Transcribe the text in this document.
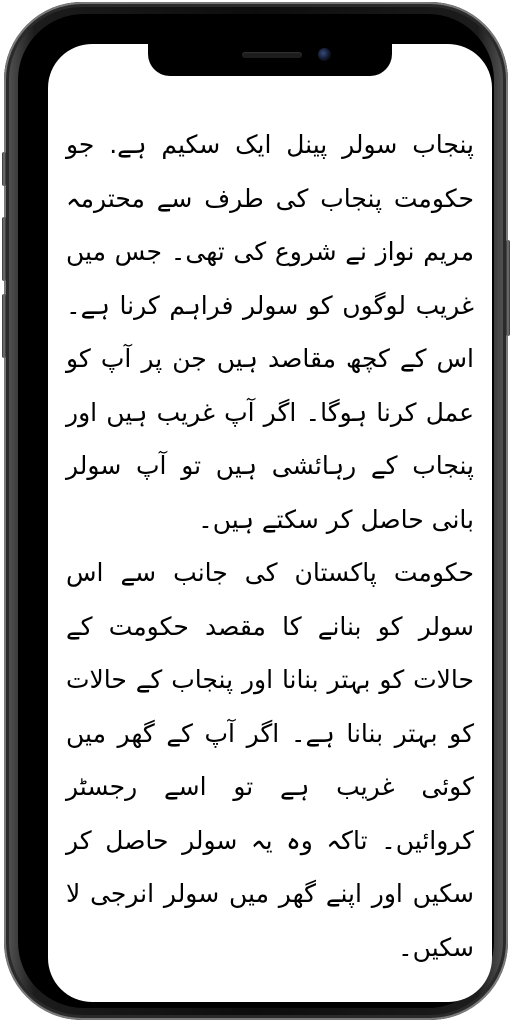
پنجاب سولر پینل ایک سکیم ہے. جو حکومت پنجاب کی طرف سے محترمہ مریم نواز نے شروع کی تھی۔ جس میں غریب لوگوں کو سولر فراہم کرنا ہے۔ اس کے کچھ مقاصد ہیں جن پر آپ کو عمل کرنا ہوگا۔ اگر آپ غریب ہیں اور پنجاب کے رہائشی ہیں تو آپ سولر بانی حاصل کر سکتے ہیں۔

حکومت پاکستان کی جانب سے اس سولر کو بنانے کا مقصد حکومت کے حالات کو بہتر بنانا اور پنجاب کے حالات کو بہتر بنانا ہے۔ اگر آپ کے گھر میں کوئی غریب ہے تو اسے رجسٹر کروائیں۔ تاکہ وہ یہ سولر حاصل کر سکیں اور اپنے گھر میں سولر انرجی لا سکیں۔
